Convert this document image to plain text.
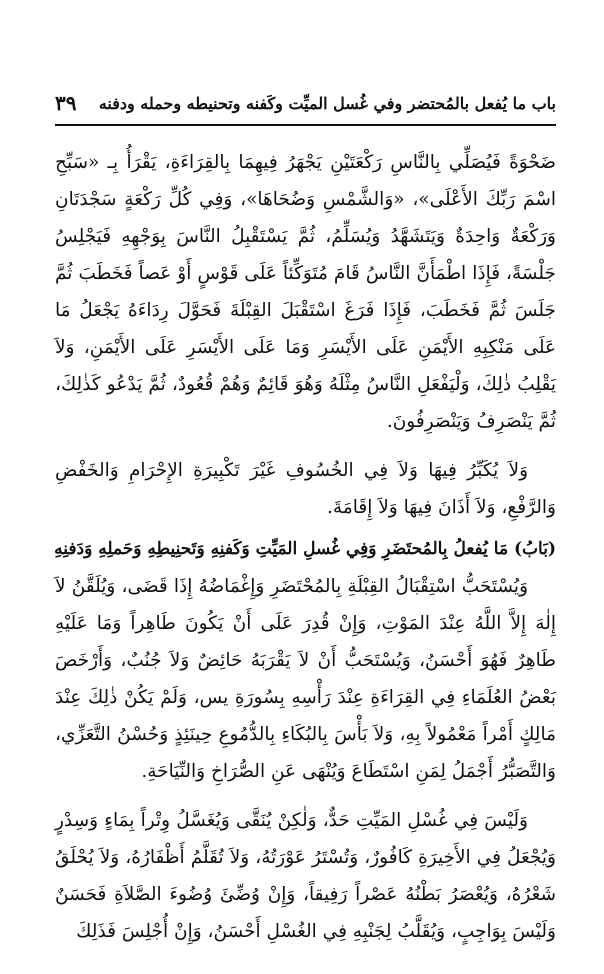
باب ما يُفعل بالمُحتضر وفي غُسل الميِّت وكَفنه وتحنيطه وحمله ودفنه
٣٩

ضَحْوَةً فَيُصَلِّي بِالنَّاسِ رَكْعَتَيْنِ يَجْهَرُ فِيهِمَا بِالقِرَاءَةِ، يَقْرَأُ بِـ «سَبِّحِ اسْمَ رَبِّكَ الأَعْلَى»، «وَالشَّمْسِ وَضُحَاهَا»، وَفِي كُلِّ رَكْعَةٍ سَجْدَتَانِ وَرَكْعَةٌ وَاحِدَةٌ وَيَتَشَهَّدُ وَيُسَلِّمُ، ثُمَّ يَسْتَقْبِلُ النَّاسَ بِوَجْهِهِ فَيَجْلِسُ جَلْسَةً، فَإِذَا اطْمَأَنَّ النَّاسُ قَامَ مُتَوَكِّئاً عَلَى قَوْسٍ أَوْ عَصاً فَخَطَبَ ثُمَّ جَلَسَ ثُمَّ فَخَطَبَ، فَإِذَا فَرَغَ اسْتَقْبَلَ القِبْلَةَ فَحَوَّلَ رِدَاءَهُ يَجْعَلُ مَا عَلَى مَنْكِبِهِ الأَيْمَنِ عَلَى الأَيْسَرِ وَمَا عَلَى الأَيْسَرِ عَلَى الأَيْمَنِ، وَلاَ يَقْلِبُ ذٰلِكَ، وَلْيَفْعَلِ النَّاسُ مِثْلَهُ وَهُوَ قَائِمٌ وَهُمْ قُعُودٌ، ثُمَّ يَدْعُو كَذٰلِكَ، ثُمَّ يَنْصَرِفُ وَيَنْصَرِفُونَ.

وَلاَ يُكَبِّرُ فِيهَا وَلاَ فِي الخُسُوفِ غَيْرَ تَكْبِيرَةِ الإِحْرَامِ وَالخَفْضِ وَالرَّفْعِ، وَلاَ أَذَانَ فِيهَا وَلاَ إِقَامَةَ.

(بَابُ) مَا يُفعلُ بِالمُحتَضَرِ وَفِي غُسلِ المَيِّتِ وَكَفنِهِ وَتَحنِيطِهِ وَحَملِهِ وَدَفنِهِ

وَيُسْتَحَبُّ اسْتِقْبَالُ القِبْلَةِ بِالمُحْتَضَرِ وَإِغْمَاضُهُ إِذَا قَضَى، وَيُلَقَّنُ لاَ إِلٰهَ إِلاَّ اللَّهُ عِنْدَ المَوْتِ، وَإِنْ قُدِرَ عَلَى أَنْ يَكُونَ طَاهِراً وَمَا عَلَيْهِ طَاهِرٌ فَهُوَ أَحْسَنُ، وَيُسْتَحَبُّ أَنْ لاَ يَقْرَبَهُ حَائِضٌ وَلاَ جُنُبٌ، وَأَرْخَصَ بَعْضُ العُلَمَاءِ فِي القِرَاءَةِ عِنْدَ رَأْسِهِ بِسُورَةِ يس، وَلَمْ يَكُنْ ذٰلِكَ عِنْدَ مَالِكٍ أَمْراً مَعْمُولاً بِهِ، وَلاَ بَأْسَ بِالبُكَاءِ بِالدُّمُوعِ حِينَئِذٍ وَحُسْنُ التَّعَزِّي، وَالتَّصَبُّرُ أَجْمَلُ لِمَنِ اسْتَطَاعَ وَيُنْهَى عَنِ الصُّرَاخِ وَالنِّيَاحَةِ.

وَلَيْسَ فِي غُسْلِ المَيِّتِ حَدٌّ، وَلٰكِنْ يُنَقَّى وَيُغَسَّلُ وِتْراً بِمَاءٍ وَسِدْرٍ وَيُجْعَلُ فِي الأَخِيرَةِ كَافُورٌ، وَتُسْتَرُ عَوْرَتُهُ، وَلاَ تُقَلَّمُ أَظْفَارُهُ، وَلاَ يُحْلَقُ شَعْرُهُ، وَيُعْصَرُ بَطْنُهُ عَصْراً رَفِيقاً، وَإِنْ وُضِّئَ وُضُوءَ الصَّلاَةِ فَحَسَنٌ وَلَيْسَ بِوَاجِبٍ، وَيُقَلَّبُ لِجَنْبِهِ فِي الغُسْلِ أَحْسَنُ، وَإِنْ أُجْلِسَ فَذَلِكَ
